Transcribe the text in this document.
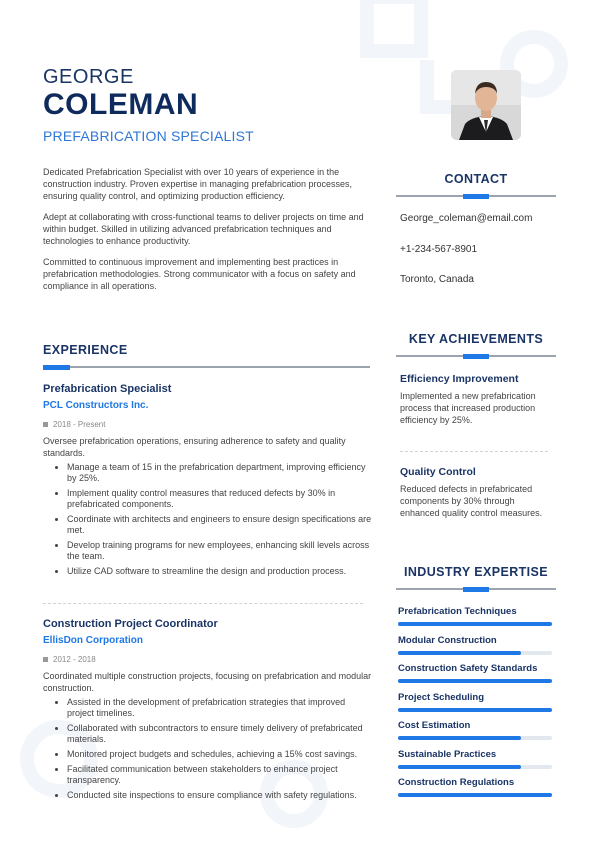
GEORGE
COLEMAN
PREFABRICATION SPECIALIST

Dedicated Prefabrication Specialist with over 10 years of experience in the construction industry. Proven expertise in managing prefabrication processes, ensuring quality control, and optimizing production efficiency.

Adept at collaborating with cross-functional teams to deliver projects on time and within budget. Skilled in utilizing advanced prefabrication techniques and technologies to enhance productivity.

Committed to continuous improvement and implementing best practices in prefabrication methodologies. Strong communicator with a focus on safety and compliance in all operations.

EXPERIENCE
Prefabrication Specialist
PCL Constructors Inc.
2018 - Present
Oversee prefabrication operations, ensuring adherence to safety and quality standards.
Manage a team of 15 in the prefabrication department, improving efficiency by 25%.
Implement quality control measures that reduced defects by 30% in prefabricated components.
Coordinate with architects and engineers to ensure design specifications are met.
Develop training programs for new employees, enhancing skill levels across the team.
Utilize CAD software to streamline the design and production process.
Construction Project Coordinator
EllisDon Corporation
2012 - 2018
Coordinated multiple construction projects, focusing on prefabrication and modular construction.
Assisted in the development of prefabrication strategies that improved project timelines.
Collaborated with subcontractors to ensure timely delivery of prefabricated materials.
Monitored project budgets and schedules, achieving a 15% cost savings.
Facilitated communication between stakeholders to enhance project transparency.
Conducted site inspections to ensure compliance with safety regulations.
CONTACT
George_coleman@email.com
+1-234-567-8901
Toronto, Canada
KEY ACHIEVEMENTS
Efficiency Improvement
Implemented a new prefabrication process that increased production efficiency by 25%.
Quality Control
Reduced defects in prefabricated components by 30% through enhanced quality control measures.
INDUSTRY EXPERTISE
Prefabrication Techniques
Modular Construction
Construction Safety Standards
Project Scheduling
Cost Estimation
Sustainable Practices
Construction Regulations
